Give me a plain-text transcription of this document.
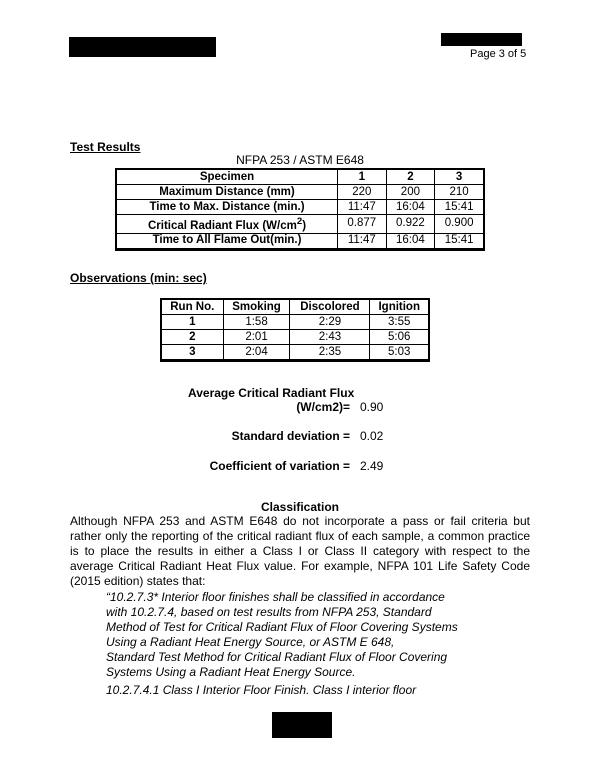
Page 3 of 5
Test Results
NFPA 253 / ASTM E648
Specimen	1	2	3
Maximum Distance (mm)	220	200	210
Time to Max. Distance (min.)	11:47	16:04	15:41
Critical Radiant Flux $(W/cm^2)$	0.877	0.922	0.900
Time to All Flame Out(min.)	11:47	16:04	15:41
Observations (min: sec)
Run No.	Smoking	Discolored	Ignition
1	1:58	2:29	3:55
2	2:01	2:43	5:06
3	2:04	2:35	5:03
Average Critical Radiant Flux
(W/cm2)= 0.90
Standard deviation = 0.02
Coefficient of variation = 2.49
Classification

Although NFPA 253 and ASTM E648 do not incorporate a pass or fail criteria but rather only the reporting of the critical radiant flux of each sample, a common practice is to place the results in either a Class I or Class II category with respect to the average Critical Radiant Heat Flux value. For example, NFPA 101 Life Safety Code (2015 edition) states that:

“10.2.7.3* Interior floor finishes shall be classified in accordance
with 10.2.7.4, based on test results from NFPA 253, Standard
Method of Test for Critical Radiant Flux of Floor Covering Systems
Using a Radiant Heat Energy Source, or ASTM E 648,
Standard Test Method for Critical Radiant Flux of Floor Covering
Systems Using a Radiant Heat Energy Source.
10.2.7.4.1 Class I Interior Floor Finish. Class I interior floor
